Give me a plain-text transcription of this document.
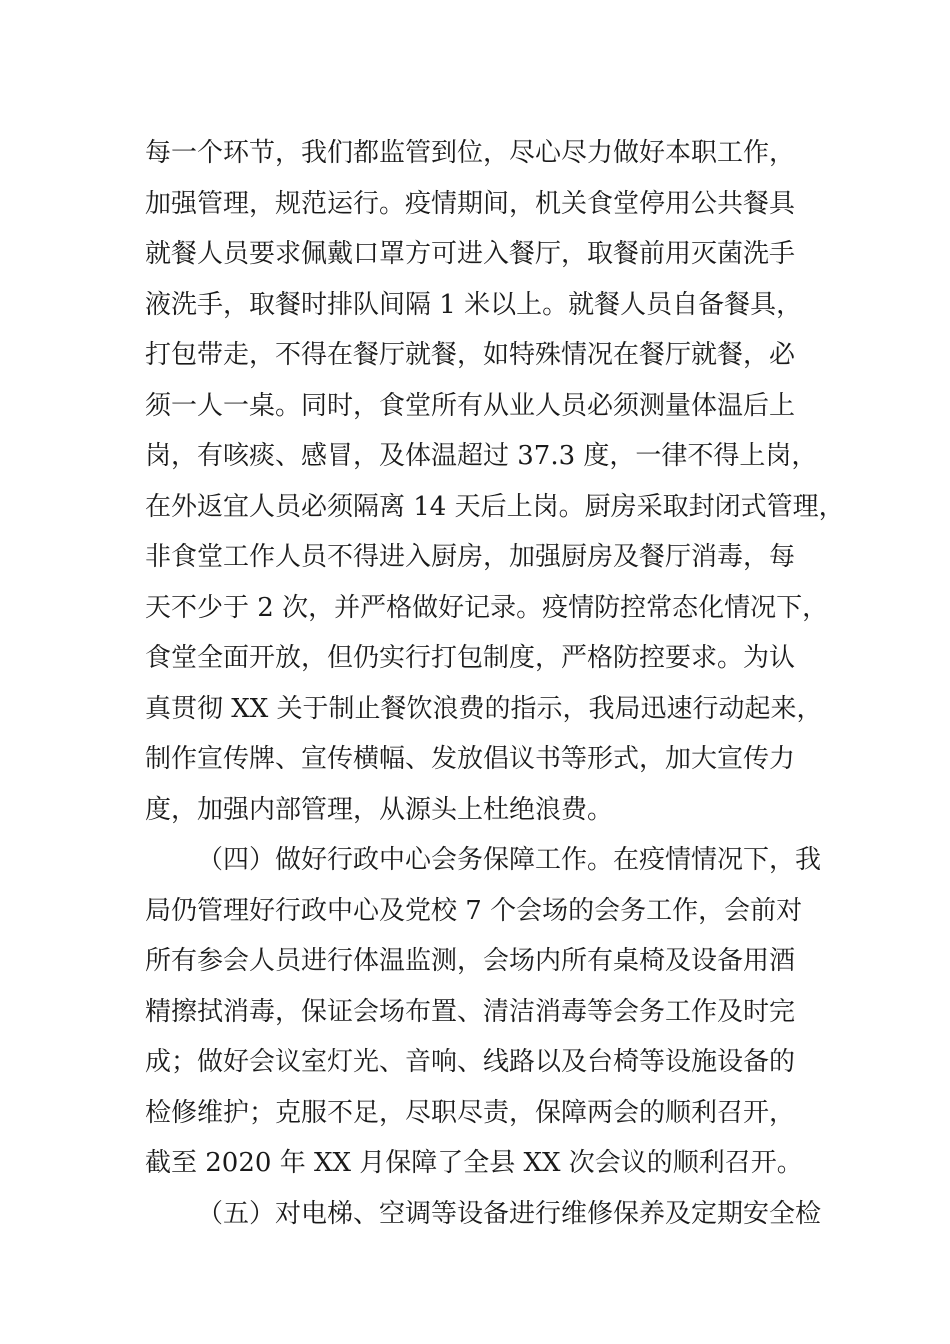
每一个环节，我们都监管到位，尽心尽力做好本职工作，
加强管理，规范运行。疫情期间，机关食堂停用公共餐具
就餐人员要求佩戴口罩方可进入餐厅，取餐前用灭菌洗手
液洗手，取餐时排队间隔 1 米以上。就餐人员自备餐具，
打包带走，不得在餐厅就餐，如特殊情况在餐厅就餐，必
须一人一桌。同时，食堂所有从业人员必须测量体温后上
岗，有咳痰、感冒，及体温超过 37.3 度，一律不得上岗，
在外返宜人员必须隔离 14 天后上岗。厨房采取封闭式管理，
非食堂工作人员不得进入厨房，加强厨房及餐厅消毒，每
天不少于 2 次，并严格做好记录。疫情防控常态化情况下，
食堂全面开放，但仍实行打包制度，严格防控要求。为认
真贯彻 XX 关于制止餐饮浪费的指示，我局迅速行动起来，
制作宣传牌、宣传横幅、发放倡议书等形式，加大宣传力
度，加强内部管理，从源头上杜绝浪费。
（四）做好行政中心会务保障工作。在疫情情况下，我
局仍管理好行政中心及党校 7 个会场的会务工作，会前对
所有参会人员进行体温监测，会场内所有桌椅及设备用酒
精擦拭消毒，保证会场布置、清洁消毒等会务工作及时完
成；做好会议室灯光、音响、线路以及台椅等设施设备的
检修维护；克服不足，尽职尽责，保障两会的顺利召开，
截至 2020 年 XX 月保障了全县 XX 次会议的顺利召开。
（五）对电梯、空调等设备进行维修保养及定期安全检
